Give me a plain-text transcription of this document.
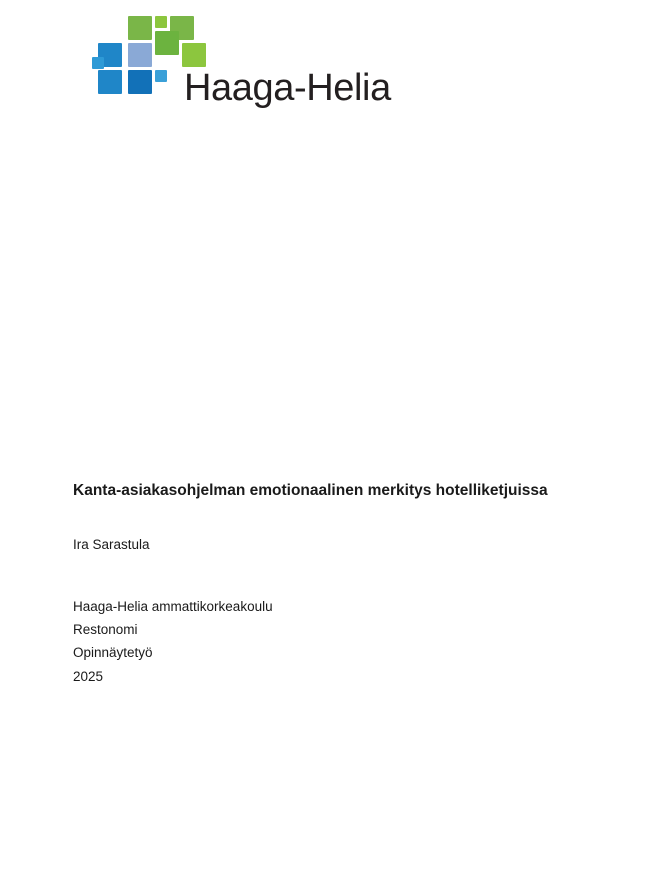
Haaga-Helia
Kanta-asiakasohjelman emotionaalinen merkitys hotelliketjuissa
Ira Sarastula
Haaga-Helia ammattikorkeakoulu
Restonomi
Opinnäytetyö
2025
